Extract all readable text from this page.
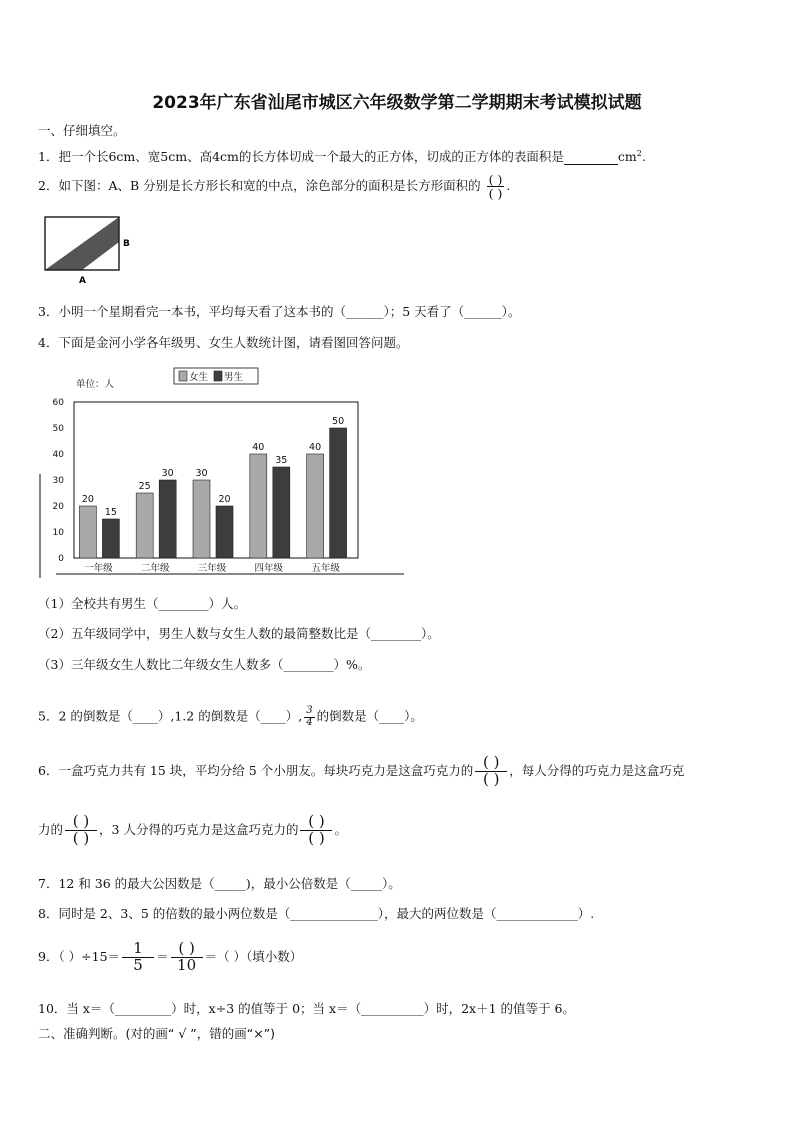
2023年广东省汕尾市城区六年级数学第二学期期末考试模拟试题
一、仔细填空。
1．把一个长6cm、宽5cm、高4cm的长方体切成一个最大的正方体，切成的正方体的表面积是	$cm^2$.
2．如下图：A、B 分别是长方形长和宽的中点，涂色部分的面积是长方形面积的 $\frac{( )}{( )}$ .
B
A
3．小明一个星期看完一本书，平均每天看了这本书的（______）；5 天看了（______）。
4．下面是金河小学各年级男、女生人数统计图，请看图回答问题。
单位：人
0
10
20
30
40
50
60
女生 男生
20
15
一年级
25
30
二年级
30
20
三年级
40
35
四年级
40
50
五年级
（1）全校共有男生（________）人。
（2）五年级同学中，男生人数与女生人数的最简整数比是（________）。
（3）三年级女生人数比二年级女生人数多（________）%。
5．2 的倒数是（____）,1.2 的倒数是（____）, $\frac{3}{4}$ 的倒数是（____）。
6．一盒巧克力共有 15 块，平均分给 5 个小朋友。每块巧克力是这盒巧克力的 $\frac{( )}{( )}$ ，每人分得的巧克力是这盒巧克
力的 $\frac{( )}{( )}$ ，3 人分得的巧克力是这盒巧克力的 $\frac{( )}{( )}$ 。
7．12 和 36 的最大公因数是（_____)，最小公倍数是（_____）。
8．同时是 2、3、5 的倍数的最小两位数是（______________），最大的两位数是（_____________）.
9．（ ）$\div 15= \frac{1}{5} = \frac{( )}{10}$ ＝（ ）（填小数）
10．当 x＝（_________）时，x÷3 的值等于 0；当 x＝（__________）时，2x＋1 的值等于 6。
二、准确判断。(对的画“ √ ”，错的画“×”)
